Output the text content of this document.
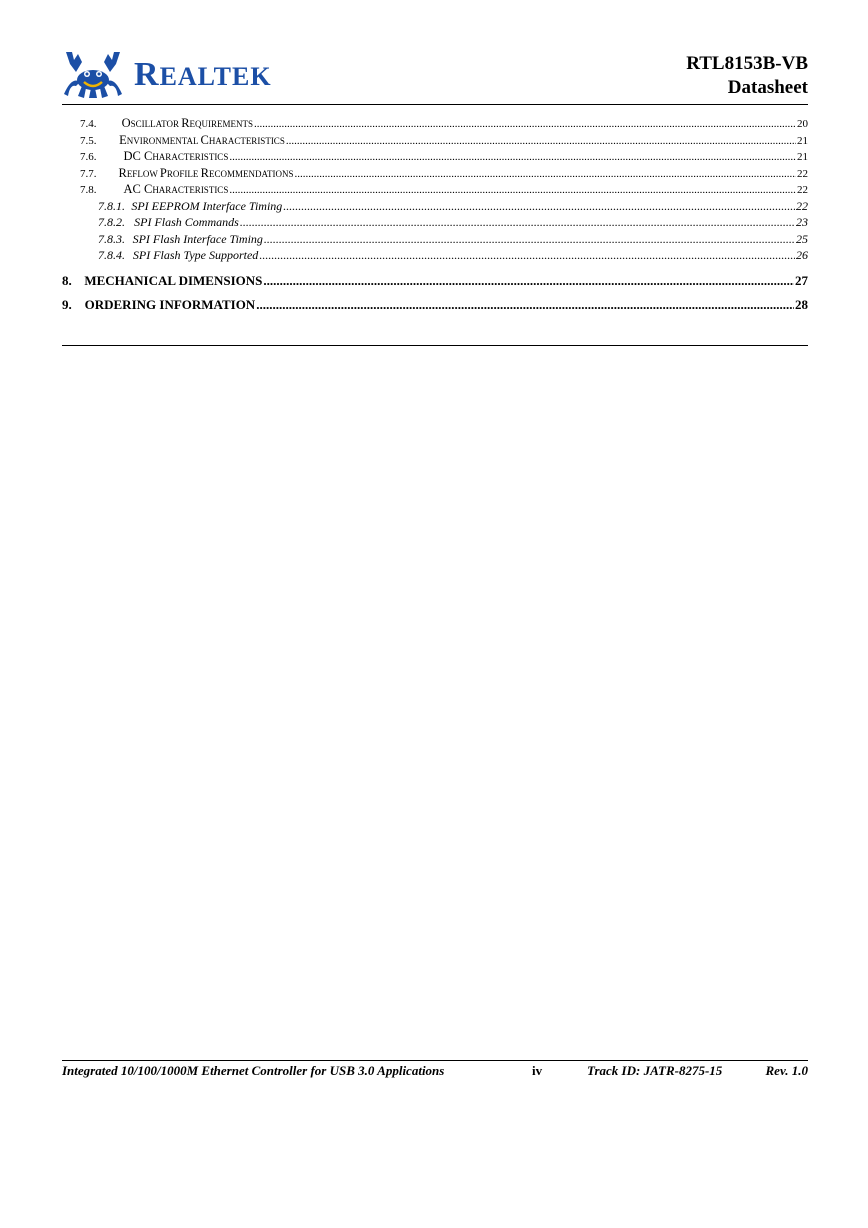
REALTEK	RTL8153B-VB
Datasheet
7.4.	OSCILLATOR REQUIREMENTS .....	20
7.5.	ENVIRONMENTAL CHARACTERISTICS .....	21
7.6.	DC CHARACTERISTICS .....	21
7.7.	REFLOW PROFILE RECOMMENDATIONS .....	22
7.8.	AC CHARACTERISTICS .....	22
7.8.1. SPI EEPROM Interface Timing .....	22
7.8.2. SPI Flash Commands .....	23
7.8.3. SPI Flash Interface Timing .....	25
7.8.4. SPI Flash Type Supported .....	26
8. MECHANICAL DIMENSIONS .....	27
9. ORDERING INFORMATION .....	28
Integrated 10/100/1000M Ethernet Controller for USB 3.0 Applications	iv	Track ID: JATR-8275-15	Rev. 1.0
